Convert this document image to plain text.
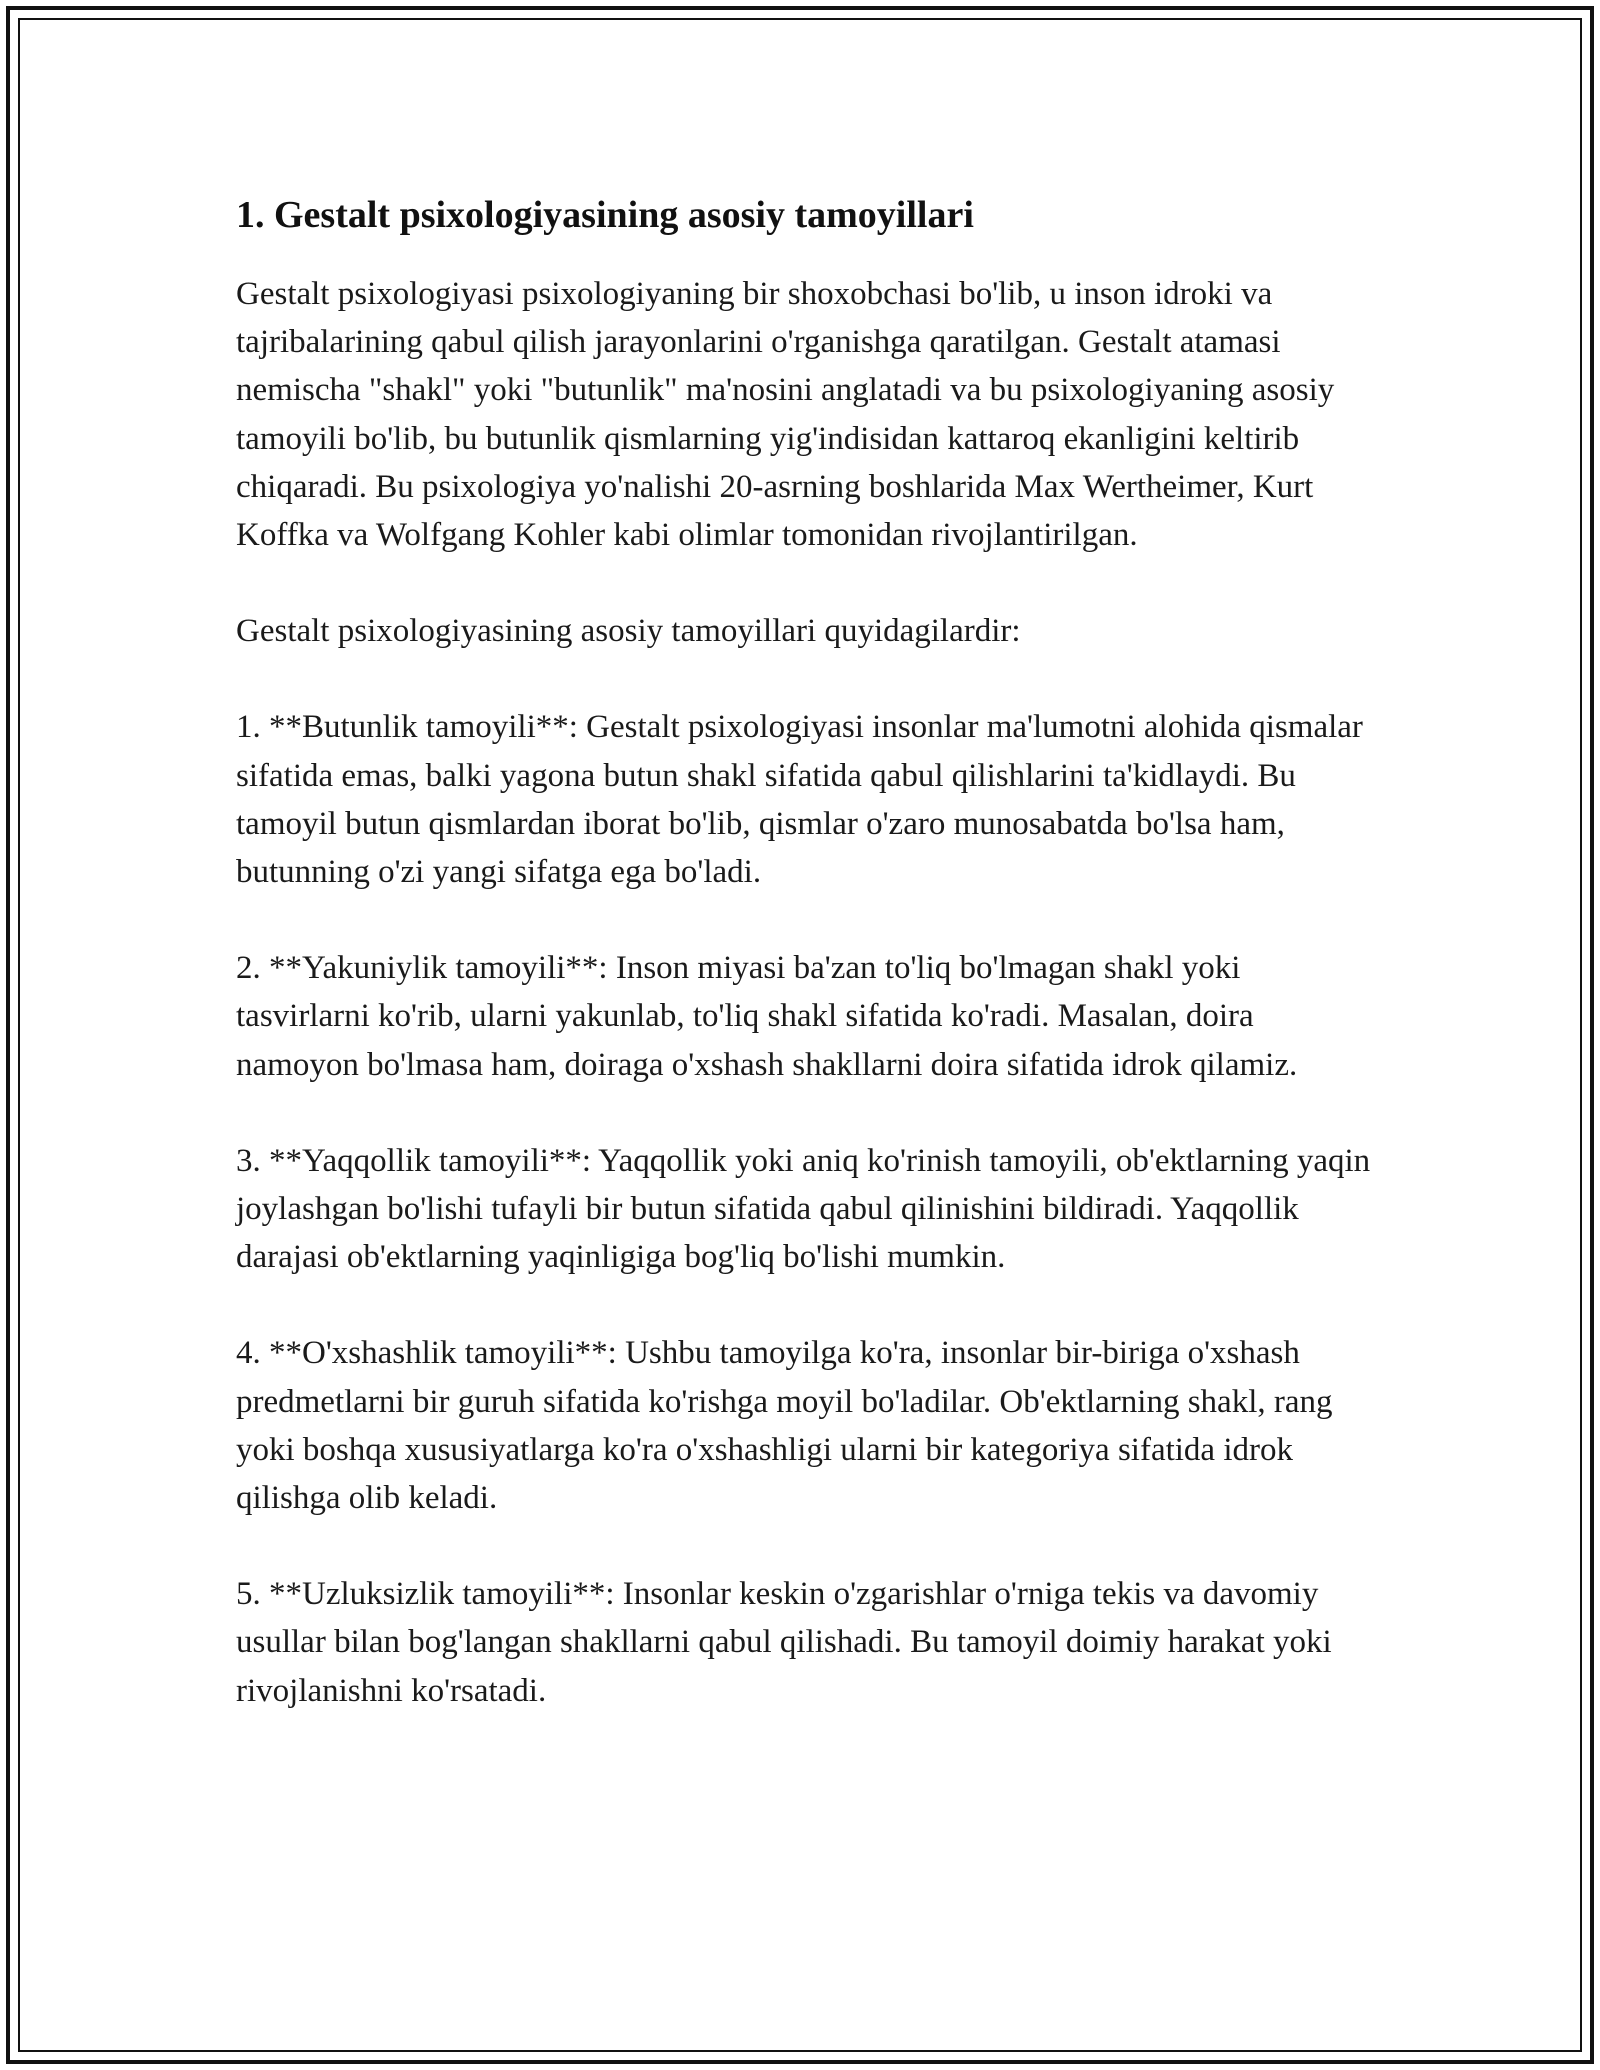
1. Gestalt psixologiyasining asosiy tamoyillari

Gestalt psixologiyasi psixologiyaning bir shoxobchasi bo'lib, u inson idroki va tajribalarining qabul qilish jarayonlarini o'rganishga qaratilgan. Gestalt atamasi nemischa "shakl" yoki "butunlik" ma'nosini anglatadi va bu psixologiyaning asosiy tamoyili bo'lib, bu butunlik qismlarning yig'indisidan kattaroq ekanligini keltirib chiqaradi. Bu psixologiya yo'nalishi 20-asrning boshlarida Max Wertheimer, Kurt Koffka va Wolfgang Kohler kabi olimlar tomonidan rivojlantirilgan.

Gestalt psixologiyasining asosiy tamoyillari quyidagilardir:

1. **Butunlik tamoyili**: Gestalt psixologiyasi insonlar ma'lumotni alohida qismalar sifatida emas, balki yagona butun shakl sifatida qabul qilishlarini ta'kidlaydi. Bu tamoyil butun qismlardan iborat bo'lib, qismlar o'zaro munosabatda bo'lsa ham, butunning o'zi yangi sifatga ega bo'ladi.

2. **Yakuniylik tamoyili**: Inson miyasi ba'zan to'liq bo'lmagan shakl yoki tasvirlarni ko'rib, ularni yakunlab, to'liq shakl sifatida ko'radi. Masalan, doira namoyon bo'lmasa ham, doiraga o'xshash shakllarni doira sifatida idrok qilamiz.

3. **Yaqqollik tamoyili**: Yaqqollik yoki aniq ko'rinish tamoyili, ob'ektlarning yaqin joylashgan bo'lishi tufayli bir butun sifatida qabul qilinishini bildiradi. Yaqqollik darajasi ob'ektlarning yaqinligiga bog'liq bo'lishi mumkin.

4. **O'xshashlik tamoyili**: Ushbu tamoyilga ko'ra, insonlar bir-biriga o'xshash predmetlarni bir guruh sifatida ko'rishga moyil bo'ladilar. Ob'ektlarning shakl, rang yoki boshqa xususiyatlarga ko'ra o'xshashligi ularni bir kategoriya sifatida idrok qilishga olib keladi.

5. **Uzluksizlik tamoyili**: Insonlar keskin o'zgarishlar o'rniga tekis va davomiy usullar bilan bog'langan shakllarni qabul qilishadi. Bu tamoyil doimiy harakat yoki rivojlanishni ko'rsatadi.
